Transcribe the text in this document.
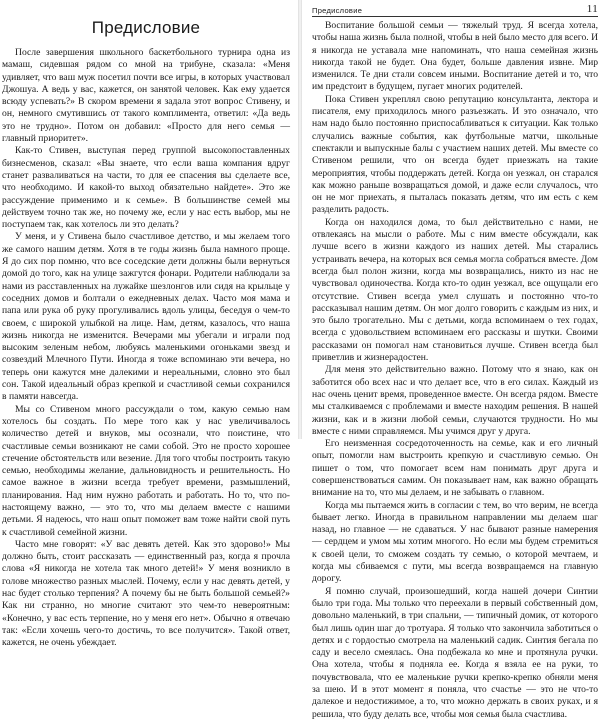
Предисловие

После завершения школьного баскетбольного турнира одна из мамаш, сидевшая рядом со мной на трибуне, сказала: «Меня удивляет, что ваш муж посетил почти все игры, в которых участвовал Джошуа. А ведь у вас, кажется, он занятой человек. Как ему удается всюду успевать?» В скором времени я задала этот вопрос Стивену, и он, немного смутившись от такого комплимента, ответил: «Да ведь это не трудно». Потом он добавил: «Просто для него семья — главный приоритет».

Как-то Стивен, выступая перед группой высокопоставленных бизнесменов, сказал: «Вы знаете, что если ваша компания вдруг станет разваливаться на части, то для ее спасения вы сделаете все, что необходимо. И какой-то выход обязательно найдете». Это же рассуждение применимо и к семье». В большинстве семей мы действуем точно так же, но почему же, если у нас есть выбор, мы не поступаем так, как хотелось ли это делать?

У меня, и у Стивена было счастливое детство, и мы желаем того же самого нашим детям. Хотя в те годы жизнь была намного проще. Я до сих пор помню, что все соседские дети должны были вернуться домой до того, как на улице зажгутся фонари. Родители наблюдали за нами из расставленных на лужайке шезлонгов или сидя на крыльце у соседних домов и болтали о ежедневных делах. Часто моя мама и папа или рука об руку прогуливались вдоль улицы, беседуя о чем-то своем, с широкой улыбкой на лице. Нам, детям, казалось, что наша жизнь никогда не изменится. Вечерами мы убегали и играли под высоким зеленым небом, любуясь маленькими огоньками звезд и созвездий Млечного Пути. Иногда я тоже вспоминаю эти вечера, но теперь они кажутся мне далекими и нереальными, словно это был сон. Такой идеальный образ крепкой и счастливой семьи сохранился в памяти навсегда.

Мы со Стивеном много рассуждали о том, какую семью нам хотелось бы создать. По мере того как у нас увеличивалось количество детей и внуков, мы осознали, что поистине, что счастливые семьи возникают не сами собой. Это не просто хорошее стечение обстоятельств или везение. Для того чтобы построить такую семью, необходимы желание, дальновидность и решительность. Но самое важное в жизни всегда требует времени, размышлений, планирования. Над ним нужно работать и работать. Но то, что по-настоящему важно, — это то, что мы делаем вместе с нашими детьми. Я надеюсь, что наш опыт поможет вам тоже найти свой путь к счастливой семейной жизни.

Часто мне говорят: «У вас девять детей. Как это здорово!» Мы должно быть, стоит рассказать — единственный раз, когда я прочла слова «Я никогда не хотела так много детей!» У меня возникло в голове множество разных мыслей. Почему, если у нас девять детей, у нас будет столько терпения? А почему бы не быть большой семьей?» Как ни странно, но многие считают это чем-то невероятным: «Конечно, у вас есть терпение, но у меня его нет». Обычно я отвечаю так: «Если хочешь чего-то достичь, то все получится». Такой ответ, кажется, не очень убеждает.

Предисловие	11

Воспитание большой семьи — тяжелый труд. Я всегда хотела, чтобы наша жизнь была полной, чтобы в ней было место для всего. И я никогда не уставала мне напоминать, что наша семейная жизнь никогда такой не будет. Она будет, больше давления извне. Мир изменился. Те дни стали совсем иными. Воспитание детей и то, что им предстоит в будущем, пугает многих родителей.

Пока Стивен укреплял свою репутацию консультанта, лектора и писателя, ему приходилось много разъезжать. И это означало, что нам надо было постоянно приспосабливаться к ситуации. Как только случались важные события, как футбольные матчи, школьные спектакли и выпускные балы с участием наших детей. Мы вместе со Стивеном решили, что он всегда будет приезжать на такие мероприятия, чтобы поддержать детей. Когда он уезжал, он старался как можно раньше возвращаться домой, и даже если случалось, что он не мог приехать, я пыталась показать детям, что им есть с кем разделить радость.

Когда он находился дома, то был действительно с нами, не отвлекаясь на мысли о работе. Мы с ним вместе обсуждали, как лучше всего в жизни каждого из наших детей. Мы старались устраивать вечера, на которых вся семья могла собраться вместе. Дом всегда был полон жизни, когда мы возвращались, никто из нас не чувствовал одиночества. Когда кто-то один уезжал, все ощущали его отсутствие. Стивен всегда умел слушать и постоянно что-то рассказывал нашим детям. Он мог долго говорить с каждым из них, и это было трогательно. Мы с детьми, когда вспоминаем о тех годах, всегда с удовольствием вспоминаем его рассказы и шутки. Своими рассказами он помогал нам становиться лучше. Стивен всегда был приветлив и жизнерадостен.

Для меня это действительно важно. Потому что я знаю, как он заботится обо всех нас и что делает все, что в его силах. Каждый из нас очень ценит время, проведенное вместе. Он всегда рядом. Вместе мы сталкиваемся с проблемами и вместе находим решения. В нашей жизни, как и в жизни любой семьи, случаются трудности. Но мы вместе с ними справляемся. Мы учимся друг у друга.

Его неизменная сосредоточенность на семье, как и его личный опыт, помогли нам выстроить крепкую и счастливую семью. Он пишет о том, что помогает всем нам понимать друг друга и совершенствоваться самим. Он показывает нам, как важно обращать внимание на то, что мы делаем, и не забывать о главном.

Когда мы пытаемся жить в согласии с тем, во что верим, не всегда бывает легко. Иногда в правильном направлении мы делаем шаг назад, но главное — не сдаваться. У нас бывают разные намерения — сердцем и умом мы хотим многого. Но если мы будем стремиться к своей цели, то сможем создать ту семью, о которой мечтаем, и когда мы сбиваемся с пути, мы всегда возвращаемся на главную дорогу.

Я помню случай, произошедший, когда нашей дочери Синтии было три года. Мы только что переехали в первый собственный дом, довольно маленький, в три спальни, — типичный домик, от которого был лишь один шаг до тротуара. Я только что закончила заботиться о детях и с гордостью смотрела на маленький садик. Синтия бегала по саду и весело смеялась. Она подбежала ко мне и протянула ручки. Она хотела, чтобы я подняла ее. Когда я взяла ее на руки, то почувствовала, что ее маленькие ручки крепко-крепко обняли меня за шею. И в этот момент я поняла, что счастье — это не что-то далекое и недостижимое, а то, что можно держать в своих руках, и я решила, что буду делать все, чтобы моя семья была счастлива.
